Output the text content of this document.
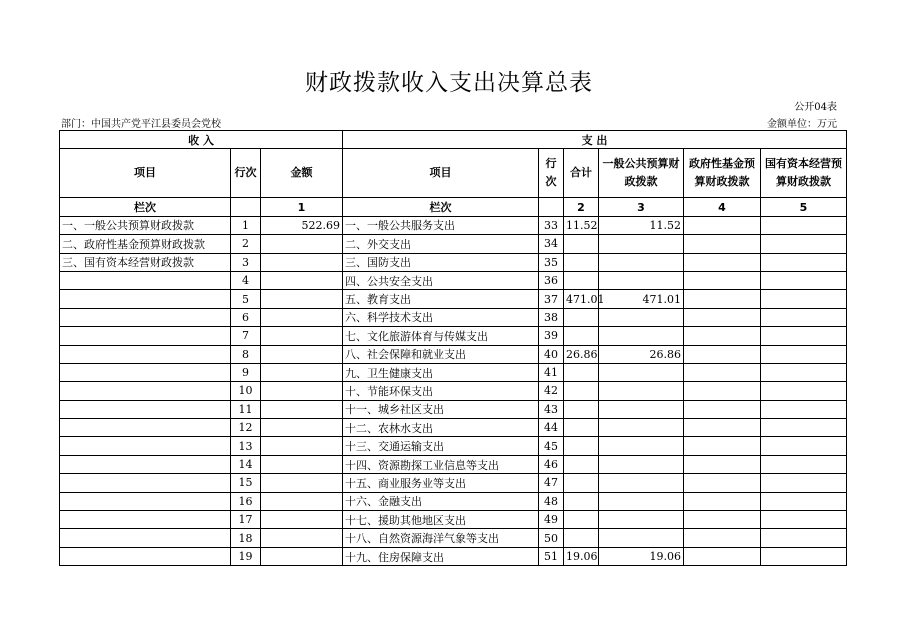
财政拨款收入支出决算总表
公开04表
部门：中国共产党平江县委员会党校	金额单位：万元
收 入			支 出					
项目	行次	金额	项目	行次	合计	一般公共预算财政拨款	政府性基金预算财政拨款	国有资本经营预算财政拨款
栏次		1	栏次		2	3	4	5
一、一般公共预算财政拨款	1	522.69	一、一般公共服务支出	33	11.52	11.52		
二、政府性基金预算财政拨款	2		二、外交支出	34				
三、国有资本经营财政拨款	3		三、国防支出	35				
	4		四、公共安全支出	36				
	5		五、教育支出	37	471.01	471.01		
	6		六、科学技术支出	38				
	7		七、文化旅游体育与传媒支出	39				
	8		八、社会保障和就业支出	40	26.86	26.86		
	9		九、卫生健康支出	41				
	10		十、节能环保支出	42				
	11		十一、城乡社区支出	43				
	12		十二、农林水支出	44				
	13		十三、交通运输支出	45				
	14		十四、资源勘探工业信息等支出	46				
	15		十五、商业服务业等支出	47				
	16		十六、金融支出	48				
	17		十七、援助其他地区支出	49				
	18		十八、自然资源海洋气象等支出	50				
	19		十九、住房保障支出	51	19.06	19.06		
